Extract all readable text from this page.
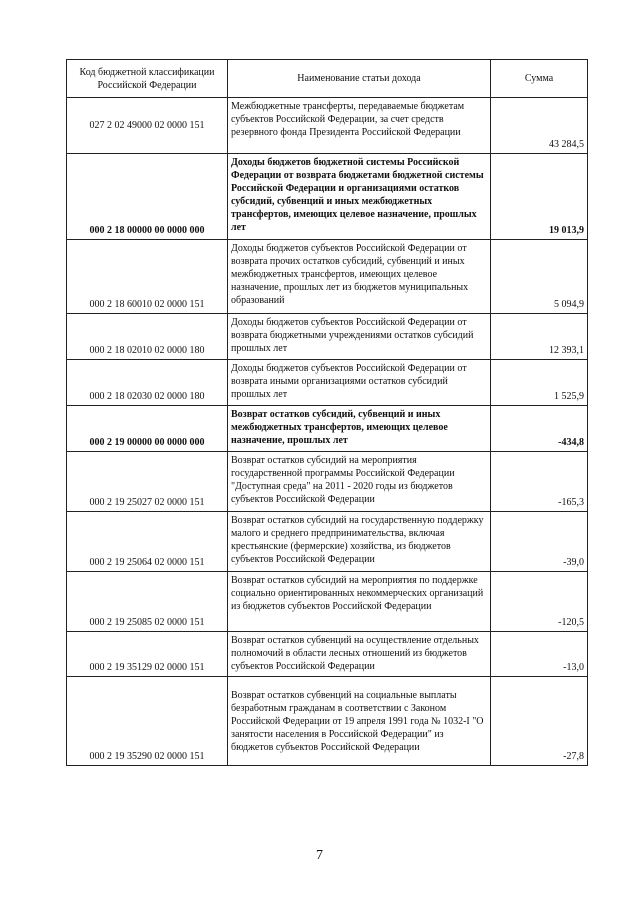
Код бюджетной классификации Российской Федерации	Наименование статьи дохода	Сумма
027 2 02 49000 02 0000 151	Межбюджетные трансферты, передаваемые бюджетам субъектов Российской Федерации, за счет средств резервного фонда Президента Российской Федерации	43 284,5
000 2 18 00000 00 0000 000	Доходы бюджетов бюджетной системы Российской Федерации от возврата бюджетами бюджетной системы Российской Федерации и организациями остатков субсидий, субвенций и иных межбюджетных трансфертов, имеющих целевое назначение, прошлых лет	19 013,9
000 2 18 60010 02 0000 151	Доходы бюджетов субъектов Российской Федерации от возврата прочих остатков субсидий, субвенций и иных межбюджетных трансфертов, имеющих целевое назначение, прошлых лет из бюджетов муниципальных образований	5 094,9
000 2 18 02010 02 0000 180	Доходы бюджетов субъектов Российской Федерации от возврата бюджетными учреждениями остатков субсидий прошлых лет	12 393,1
000 2 18 02030 02 0000 180	Доходы бюджетов субъектов Российской Федерации от возврата иными организациями остатков субсидий прошлых лет	1 525,9
000 2 19 00000 00 0000 000	Возврат остатков субсидий, субвенций и иных межбюджетных трансфертов, имеющих целевое назначение, прошлых лет	-434,8
000 2 19 25027 02 0000 151	Возврат остатков субсидий на мероприятия государственной программы Российской Федерации "Доступная среда" на 2011 - 2020 годы из бюджетов субъектов Российской Федерации	-165,3
000 2 19 25064 02 0000 151	Возврат остатков субсидий на государственную поддержку малого и среднего предпринимательства, включая крестьянские (фермерские) хозяйства, из бюджетов субъектов Российской Федерации	-39,0
000 2 19 25085 02 0000 151	Возврат остатков субсидий на мероприятия по поддержке социально ориентированных некоммерческих организаций из бюджетов субъектов Российской Федерации	-120,5
000 2 19 35129 02 0000 151	Возврат остатков субвенций на осуществление отдельных полномочий в области лесных отношений из бюджетов субъектов Российской Федерации	-13,0
000 2 19 35290 02 0000 151	Возврат остатков субвенций на социальные выплаты безработным гражданам в соответствии с Законом Российской Федерации от 19 апреля 1991 года № 1032-I "О занятости населения в Российской Федерации" из бюджетов субъектов Российской Федерации	-27,8
7
